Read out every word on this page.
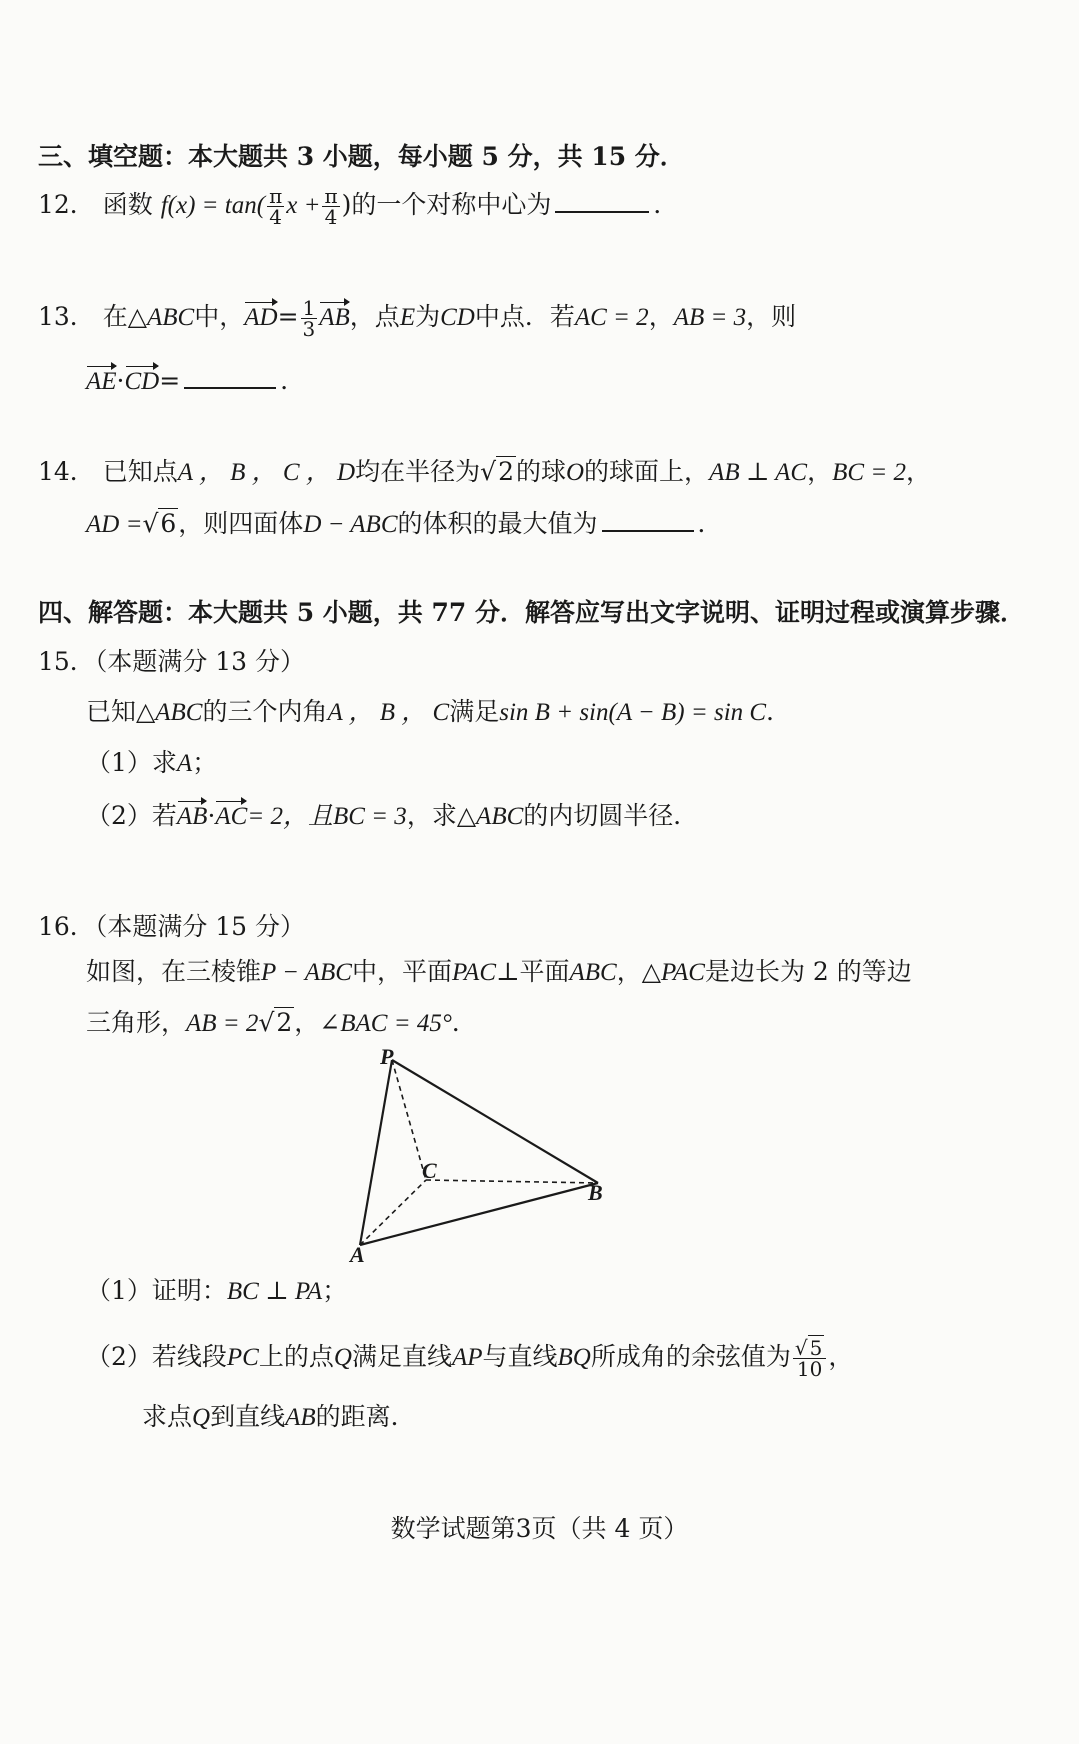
三、填空题：本大题共 3 小题，每小题 5 分，共 15 分．
12． 函数 $f(x) = \tan( \frac{\pi}{4}$ $x + \frac{\pi}{4}$ )的一个对称中心为	．
13． 在△ABC中，$AD= \frac{1}{3}$ AB，点E为CD中点．若AC = 2，AB = 3，则
AE·CD=	．
14． 已知点A ， B ， C ， D均在半径为√2的球O的球面上，AB ⊥ AC，BC = 2，
AD =√6，则四面体D − ABC的体积的最大值为	．
四、解答题：本大题共 5 小题，共 77 分．解答应写出文字说明、证明过程或演算步骤．
15．（本题满分 13 分）
已知△ABC的三个内角A ， B ， C满足sin B + sin(A − B) = sin C．
（1）求A；
（2）若AB·AC= 2，且BC = 3，求△ABC的内切圆半径．
16．（本题满分 15 分）
如图，在三棱锥P − ABC中，平面PAC⊥平面ABC，△PAC是边长为 2 的等边
三角形，AB = 2√2，∠BAC = 45°．
P
C
B
A
（1）证明：BC ⊥ PA；
（2）若线段PC上的点Q满足直线AP与直线BQ所成角的余弦值为 $\frac{√ 5}{10}$ ，
求点Q到直线AB的距离．
数学试题第3页（共 4 页）
